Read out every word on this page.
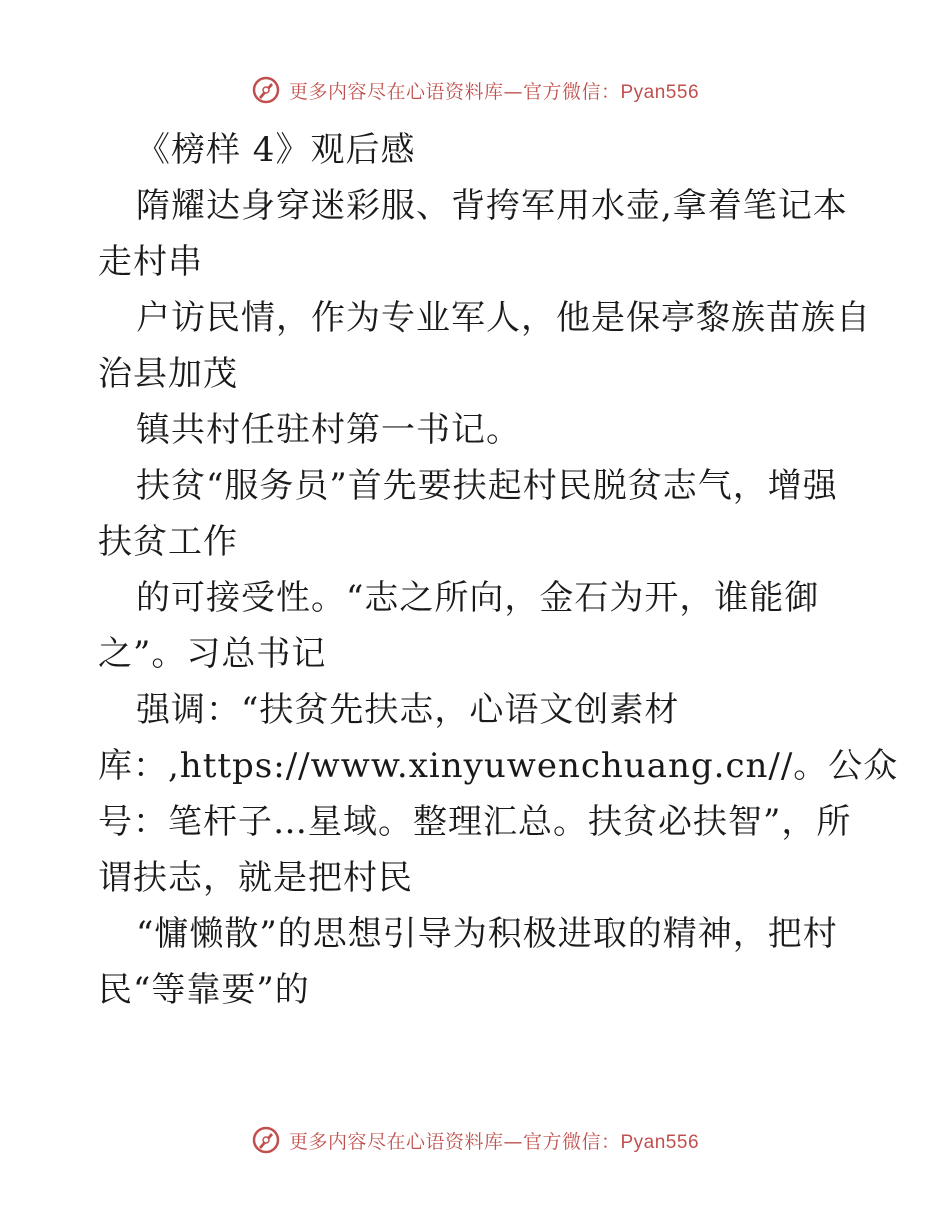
更多内容尽在心语资料库—官方微信：Pyan556
《榜样 4》观后感
隋耀达身穿迷彩服、背挎军用水壶,拿着笔记本
走村串
户访民情，作为专业军人，他是保亭黎族苗族自
治县加茂
镇共村任驻村第一书记。
扶贫“服务员”首先要扶起村民脱贫志气，增强
扶贫工作
的可接受性。“志之所向，金石为开，谁能御
之”。习总书记
强调：“扶贫先扶志，心语文创素材
库：,https://www.xinyuwenchuang.cn//。公众
号：笔杆子…星域。整理汇总。扶贫必扶智”，所
谓扶志，就是把村民
“慵懒散”的思想引导为积极进取的精神，把村
民“等靠要”的
更多内容尽在心语资料库—官方微信：Pyan556
